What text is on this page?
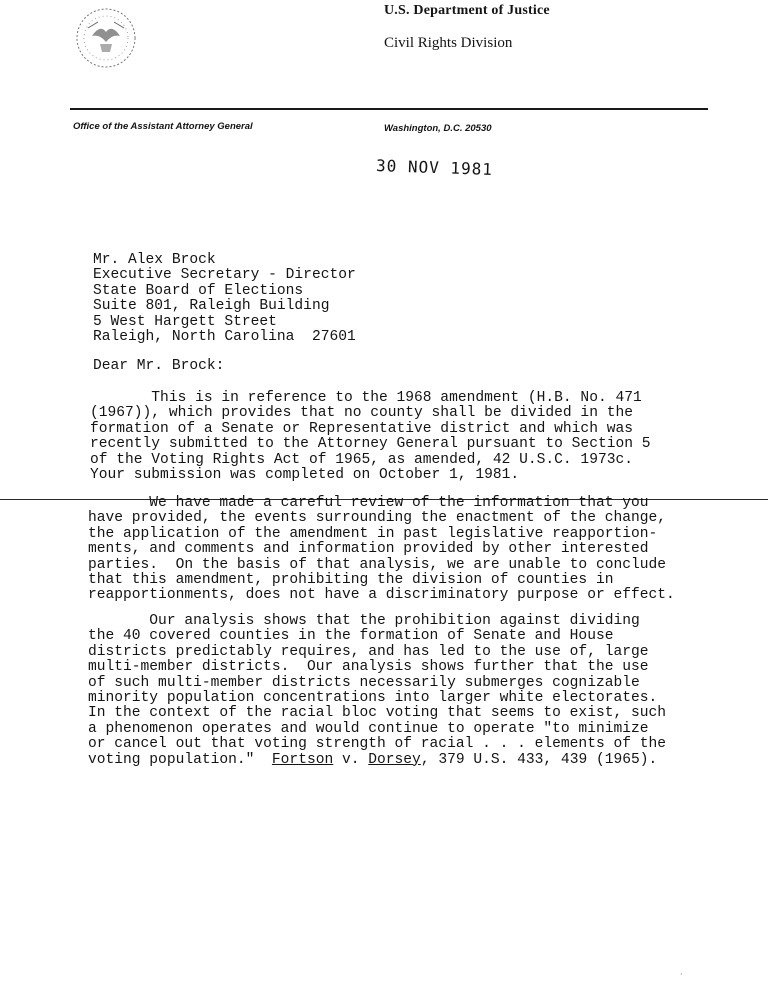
U.S. Department of Justice
Civil Rights Division
Office of the Assistant Attorney General	Washington, D.C. 20530
30 NOV 1981
Mr. Alex Brock
Executive Secretary - Director
State Board of Elections
Suite 801, Raleigh Building
5 West Hargett Street
Raleigh, North Carolina  27601
Dear Mr. Brock:
This is in reference to the 1968 amendment (H.B. No. 471
(1967)), which provides that no county shall be divided in the
formation of a Senate or Representative district and which was
recently submitted to the Attorney General pursuant to Section 5
of the Voting Rights Act of 1965, as amended, 42 U.S.C. 1973c.
Your submission was completed on October 1, 1981.
We have made a careful review of the information that you
have provided, the events surrounding the enactment of the change,
the application of the amendment in past legislative reapportion-
ments, and comments and information provided by other interested
parties.  On the basis of that analysis, we are unable to conclude
that this amendment, prohibiting the division of counties in
reapportionments, does not have a discriminatory purpose or effect.
Our analysis shows that the prohibition against dividing
the 40 covered counties in the formation of Senate and House
districts predictably requires, and has led to the use of, large
multi-member districts.  Our analysis shows further that the use
of such multi-member districts necessarily submerges cognizable
minority population concentrations into larger white electorates.
In the context of the racial bloc voting that seems to exist, such
a phenomenon operates and would continue to operate "to minimize
or cancel out that voting strength of racial . . . elements of the
voting population."  Fortson v. Dorsey, 379 U.S. 433, 439 (1965).
·
